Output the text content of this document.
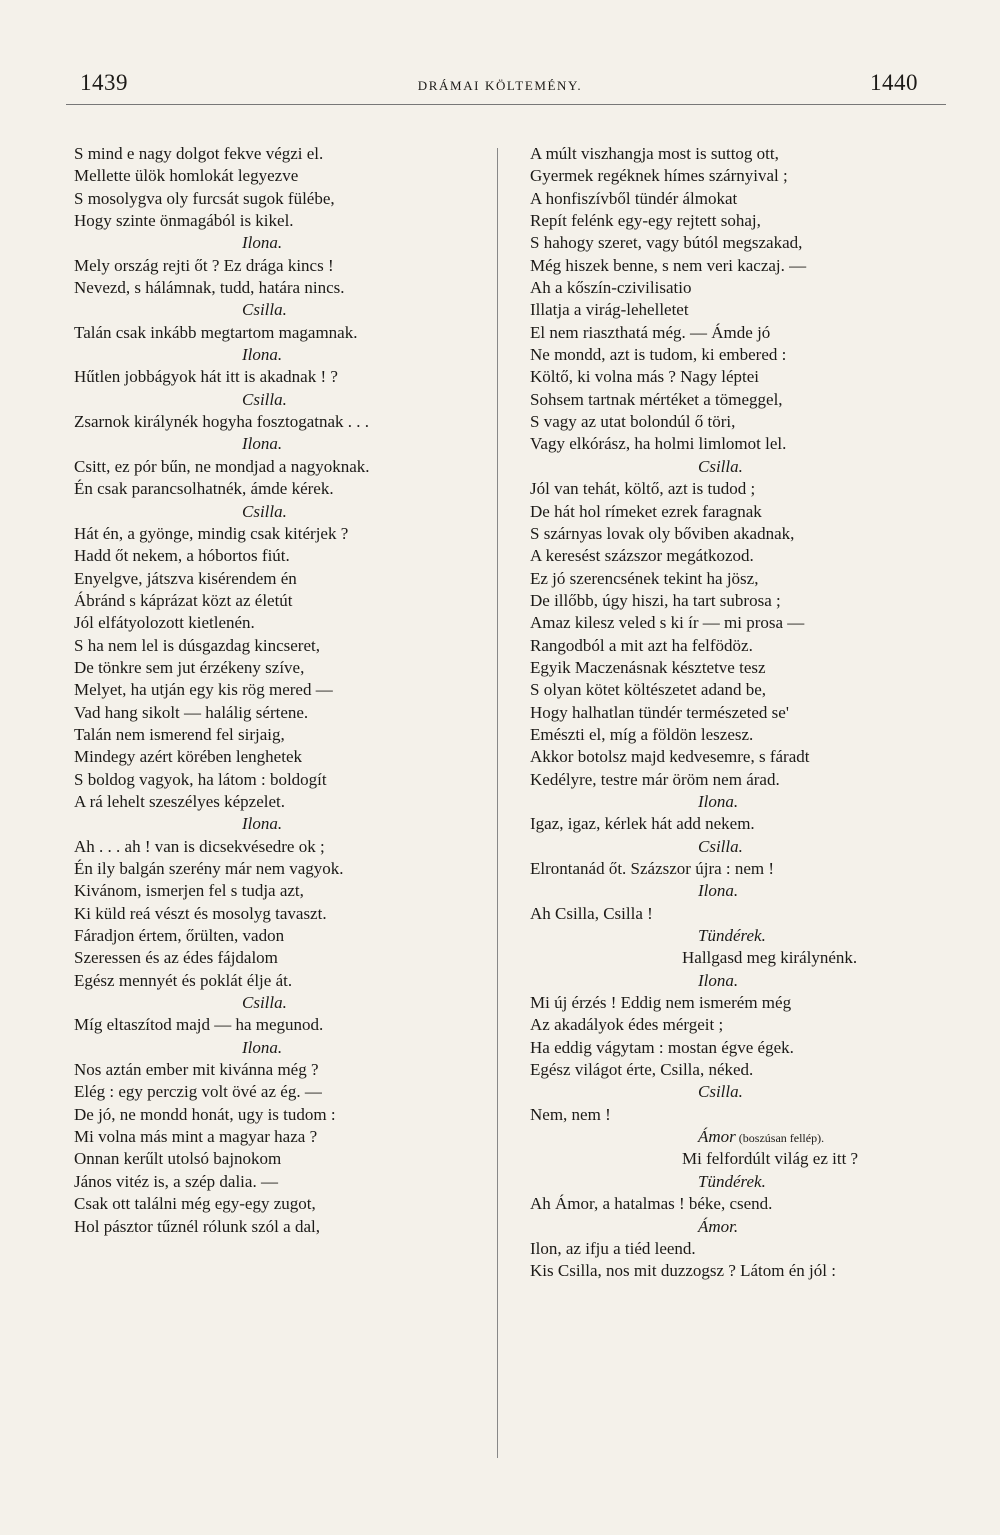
1439	DRÁMAI KÖLTEMÉNY.	1440
S mind e nagy dolgot fekve végzi el.
Mellette ülök homlokát legyezve
S mosolygva oly furcsát sugok fülébe,
Hogy szinte önmagából is kikel.
Ilona.
Mely ország rejti őt ? Ez drága kincs !
Nevezd, s hálámnak, tudd, határa nincs.
Csilla.
Talán csak inkább megtartom magamnak.
Ilona.
Hűtlen jobbágyok hát itt is akadnak ! ?
Csilla.
Zsarnok királynék hogyha fosztogatnak . . .
Ilona.
Csitt, ez pór bűn, ne mondjad a nagyoknak.
Én csak parancsolhatnék, ámde kérek.
Csilla.
Hát én, a gyönge, mindig csak kitérjek ?
Hadd őt nekem, a hóbortos fiút.
Enyelgve, játszva kisérendem én
Ábránd s káprázat közt az életút
Jól elfátyolozott kietlenén.
S ha nem lel is dúsgazdag kincseret,
De tönkre sem jut érzékeny szíve,
Melyet, ha utján egy kis rög mered —
Vad hang sikolt — halálig sértene.
Talán nem ismerend fel sirjaig,
Mindegy azért körében lenghetek
S boldog vagyok, ha látom : boldogít
A rá lehelt szeszélyes képzelet.
Ilona.
Ah . . . ah ! van is dicsekvésedre ok ;
Én ily balgán szerény már nem vagyok.
Kivánom, ismerjen fel s tudja azt,
Ki küld reá vészt és mosolyg tavaszt.
Fáradjon értem, őrülten, vadon
Szeressen és az édes fájdalom
Egész mennyét és poklát élje át.
Csilla.
Míg eltaszítod majd — ha megunod.
Ilona.
Nos aztán ember mit kivánna még ?
Elég : egy perczig volt övé az ég. —
De jó, ne mondd honát, ugy is tudom :
Mi volna más mint a magyar haza ?
Onnan kerűlt utolsó bajnokom
János vitéz is, a szép dalia. —
Csak ott találni még egy-egy zugot,
Hol pásztor tűznél rólunk szól a dal,
A múlt viszhangja most is suttog ott,
Gyermek regéknek hímes szárnyival ;
A honfiszívből tündér álmokat
Repít felénk egy-egy rejtett sohaj,
S hahogy szeret, vagy bútól megszakad,
Még hiszek benne, s nem veri kaczaj. —
Ah a kőszín-czivilisatio
Illatja a virág-lehelletet
El nem riaszthatá még. — Ámde jó
Ne mondd, azt is tudom, ki embered :
Költő, ki volna más ? Nagy léptei
Sohsem tartnak mértéket a tömeggel,
S vagy az utat bolondúl ő töri,
Vagy elkórász, ha holmi limlomot lel.
Csilla.
Jól van tehát, költő, azt is tudod ;
De hát hol rímeket ezrek faragnak
S szárnyas lovak oly bőviben akadnak,
A keresést százszor megátkozod.
Ez jó szerencsének tekint ha jösz,
De illőbb, úgy hiszi, ha tart subrosa ;
Amaz kilesz veled s ki ír — mi prosa —
Rangodból a mit azt ha felfödöz.
Egyik Maczenásnak késztetve tesz
S olyan kötet költészetet adand be,
Hogy halhatlan tündér természeted se'
Emészti el, míg a földön leszesz.
Akkor botolsz majd kedvesemre, s fáradt
Kedélyre, testre már öröm nem árad.
Ilona.
Igaz, igaz, kérlek hát add nekem.
Csilla.
Elrontanád őt. Százszor újra : nem !
Ilona.
Ah Csilla, Csilla !
Tündérek.
Hallgasd meg királynénk.
Ilona.
Mi új érzés ! Eddig nem ismerém még
Az akadályok édes mérgeit ;
Ha eddig vágytam : mostan égve égek.
Egész világot érte, Csilla, néked.
Csilla.
Nem, nem !
Ámor (boszúsan fellép).
Mi felfordúlt világ ez itt ?
Tündérek.
Ah Ámor, a hatalmas ! béke, csend.
Ámor.
Ilon, az ifju a tiéd leend.
Kis Csilla, nos mit duzzogsz ? Látom én jól :
